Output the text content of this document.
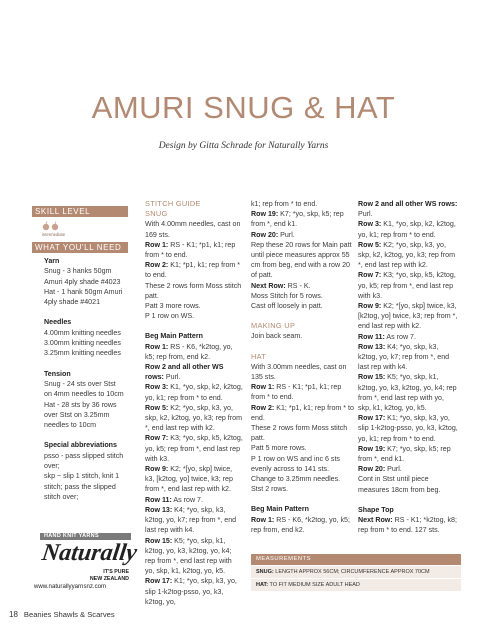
AMURI SNUG & HAT
Design by Gitta Schrade for Naturally Yarns
SKILL LEVEL
intermediate
WHAT YOU'LL NEED
Yarn
Snug - 3 hanks 50gm
Amuri 4ply shade #4023
Hat - 1 hank 50gm Amuri
4ply shade #4021
Needles
4.00mm knitting needles
3.00mm knitting needles
3.25mm knitting needles
Tension
Snug - 24 sts over Stst
on 4mm needles to 10cm
Hat - 28 sts by 36 rows
over Stst on 3.25mm
needles to 10cm
Special abbreviations
psso - pass slipped stitch
over;
skp ~ slip 1 stitch, knit 1
stitch; pass the slipped
stitch over;
HAND KNIT YARNS
Naturally
IT'S PURE
NEW ZEALAND
www.naturallyyarnsnz.com
STITCH GUIDE
SNUG
With 4.00mm needles, cast on 169 sts.
Row 1: RS - K1; *p1, k1; rep from * to end.
Row 2: K1; *p1, k1; rep from * to end.
These 2 rows form Moss stitch patt.
Patt 3 more rows.
P 1 row on WS.
Beg Main Pattern
Row 1: RS - K6, *k2tog, yo, k5; rep from, end k2.
Row 2 and all other WS rows: Purl.
Row 3: K1, *yo, skp, k2, k2tog, yo, k1; rep from * to end.
Row 5: K2; *yo, skp, k3, yo, skp, k2, k2tog, yo, k3; rep from *, end last rep with k2.
Row 7: K3; *yo, skp, k5, k2tog, yo, k5; rep from *, end last rep with k3.
Row 9: K2; *[yo, skp] twice, k3, [k2tog, yo] twice, k3; rep from *, end last rep with k2.
Row 11: As row 7.
Row 13: K4; *yo, skp, k3, k2tog, yo, k7; rep from *, end last rep with k4.
Row 15: K5; *yo, skp, k1, k2tog, yo, k3, k2tog, yo, k4; rep from *, end last rep with yo, skp, k1, k2tog, yo, k5.
Row 17: K1; *yo, skp, k3, yo, slip 1-k2tog-psso, yo, k3, k2tog, yo,
k1; rep from * to end.
Row 19: K7; *yo, skp, k5; rep from *, end k1.
Row 20: Purl.
Rep these 20 rows for Main patt until piece measures approx 55 cm from beg, end with a row 20 of patt.
Next Row: RS - K.
Moss Stitch for 5 rows.
Cast off loosely in patt.
MAKING UP
Join back seam.
HAT
With 3.00mm needles, cast on 135 sts.
Row 1: RS - K1; *p1, k1; rep from * to end.
Row 2: K1; *p1, k1; rep from * to end.
These 2 rows form Moss stitch patt.
Patt 5 more rows.
P 1 row on WS and inc 6 sts evenly across to 141 sts.
Change to 3.25mm needles.
Stst 2 rows.
Beg Main Pattern
Row 1: RS - K6, *k2tog, yo, k5; rep from, end k2.
Row 2 and all other WS rows:
Purl.
Row 3: K1, *yo, skp, k2, k2tog, yo, k1; rep from * to end.
Row 5: K2; *yo, skp, k3, yo, skp, k2, k2tog, yo, k3; rep from *, end last rep with k2.
Row 7: K3; *yo, skp, k5, k2tog, yo, k5; rep from *, end last rep with k3.
Row 9: K2; *[yo, skp] twice, k3, [k2tog, yo] twice, k3; rep from *, end last rep with k2.
Row 11: As row 7.
Row 13: K4; *yo, skp, k3, k2tog, yo, k7; rep from *, end last rep with k4.
Row 15: K5; *yo, skp, k1, k2tog, yo, k3, k2tog, yo, k4; rep from *, end last rep with yo, skp, k1, k2tog, yo, k5.
Row 17: K1; *yo, skp, k3, yo, slip 1-k2tog-psso, yo, k3, k2tog, yo, k1; rep from * to end.
Row 19: K7; *yo, skp, k5; rep from *, end k1.
Row 20: Purl.
Cont in Stst until piece measures 18cm from beg.
Shape Top
Next Row: RS - K1; *k2tog, k8; rep from * to end. 127 sts.
MEASUREMENTS
SNUG: LENGTH APPROX 56CM; CIRCUMFERENCE APPROX 70CM
HAT: TO FIT MEDIUM SIZE ADULT HEAD
18 Beanies Shawls & Scarves
